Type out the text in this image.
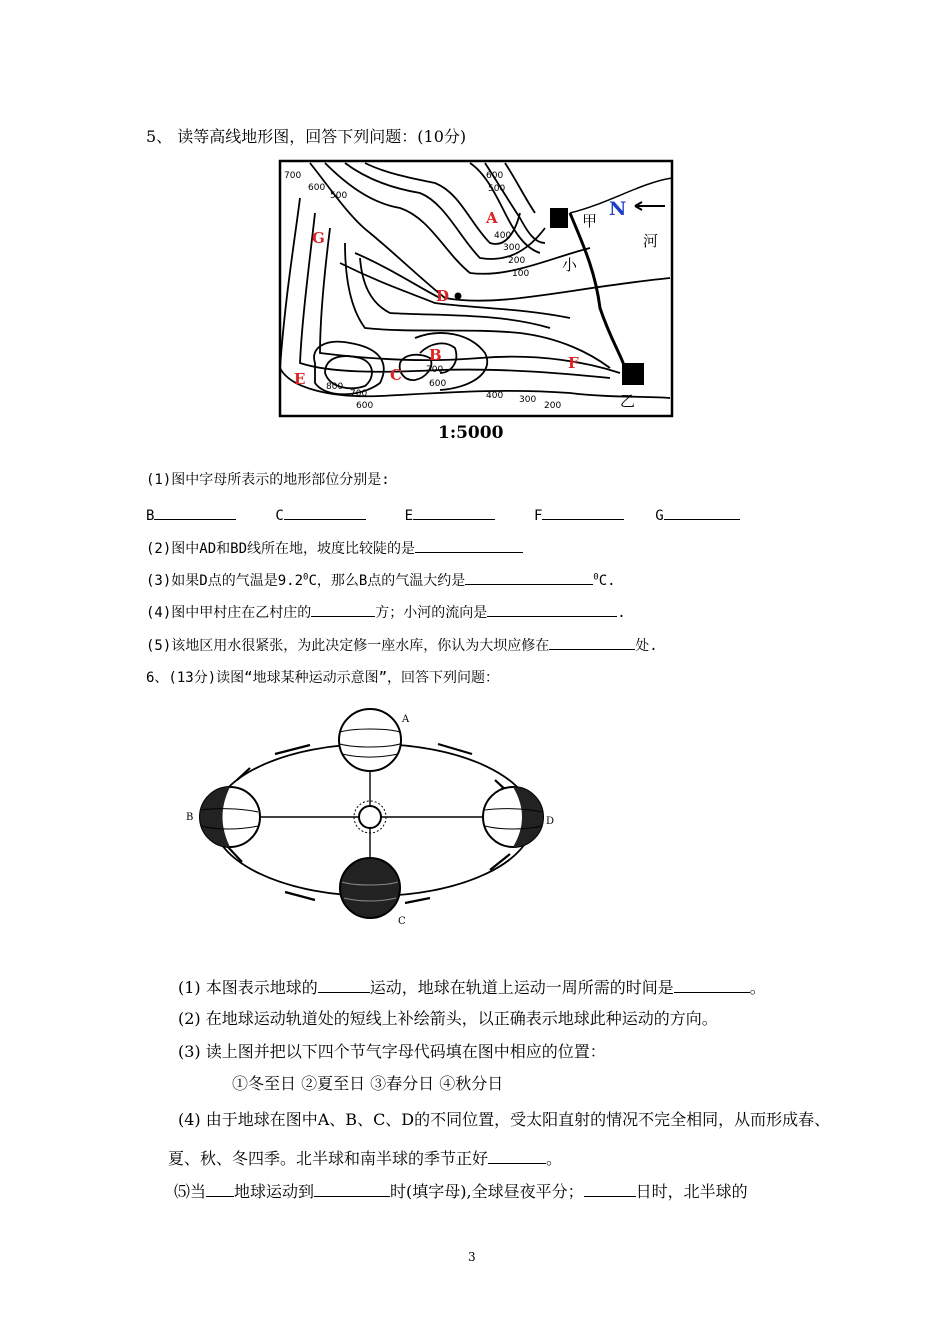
5、 读等高线地形图，回答下列问题：(10分)
A
B
C
D
E
F
G
N
甲
乙
小
河
700
600
500
600
500
400
300
200
100
800
700
600
700
600
400 300
200
1:5000
(1)图中字母所表示的地形部位分别是:
B	C	E	F	G
(2)图中AD和BD线所在地，坡度比较陡的是
(3)如果D点的气温是$9.2^0C$，那么B点的气温大约是	$^0$C.
(4)图中甲村庄在乙村庄的	方；小河的流向是	.
(5)该地区用水很紧张，为此决定修一座水库，你认为大坝应修在	处.
6、(13分)读图“地球某种运动示意图”，回答下列问题：
A
B
C
D
(1) 本图表示地球的	运动，地球在轨道上运动一周所需的时间是	。
(2) 在地球运动轨道处的短线上补绘箭头，以正确表示地球此种运动的方向。
(3) 读上图并把以下四个节气字母代码填在图中相应的位置：
①冬至日 ②夏至日 ③春分日 ④秋分日
(4) 由于地球在图中A、B、C、D的不同位置，受太阳直射的情况不完全相同，从而形成春、
夏、秋、冬四季。北半球和南半球的季节正好	。
⑸当 地球运动到	时(填字母),全球昼夜平分；	日时，北半球的
3
